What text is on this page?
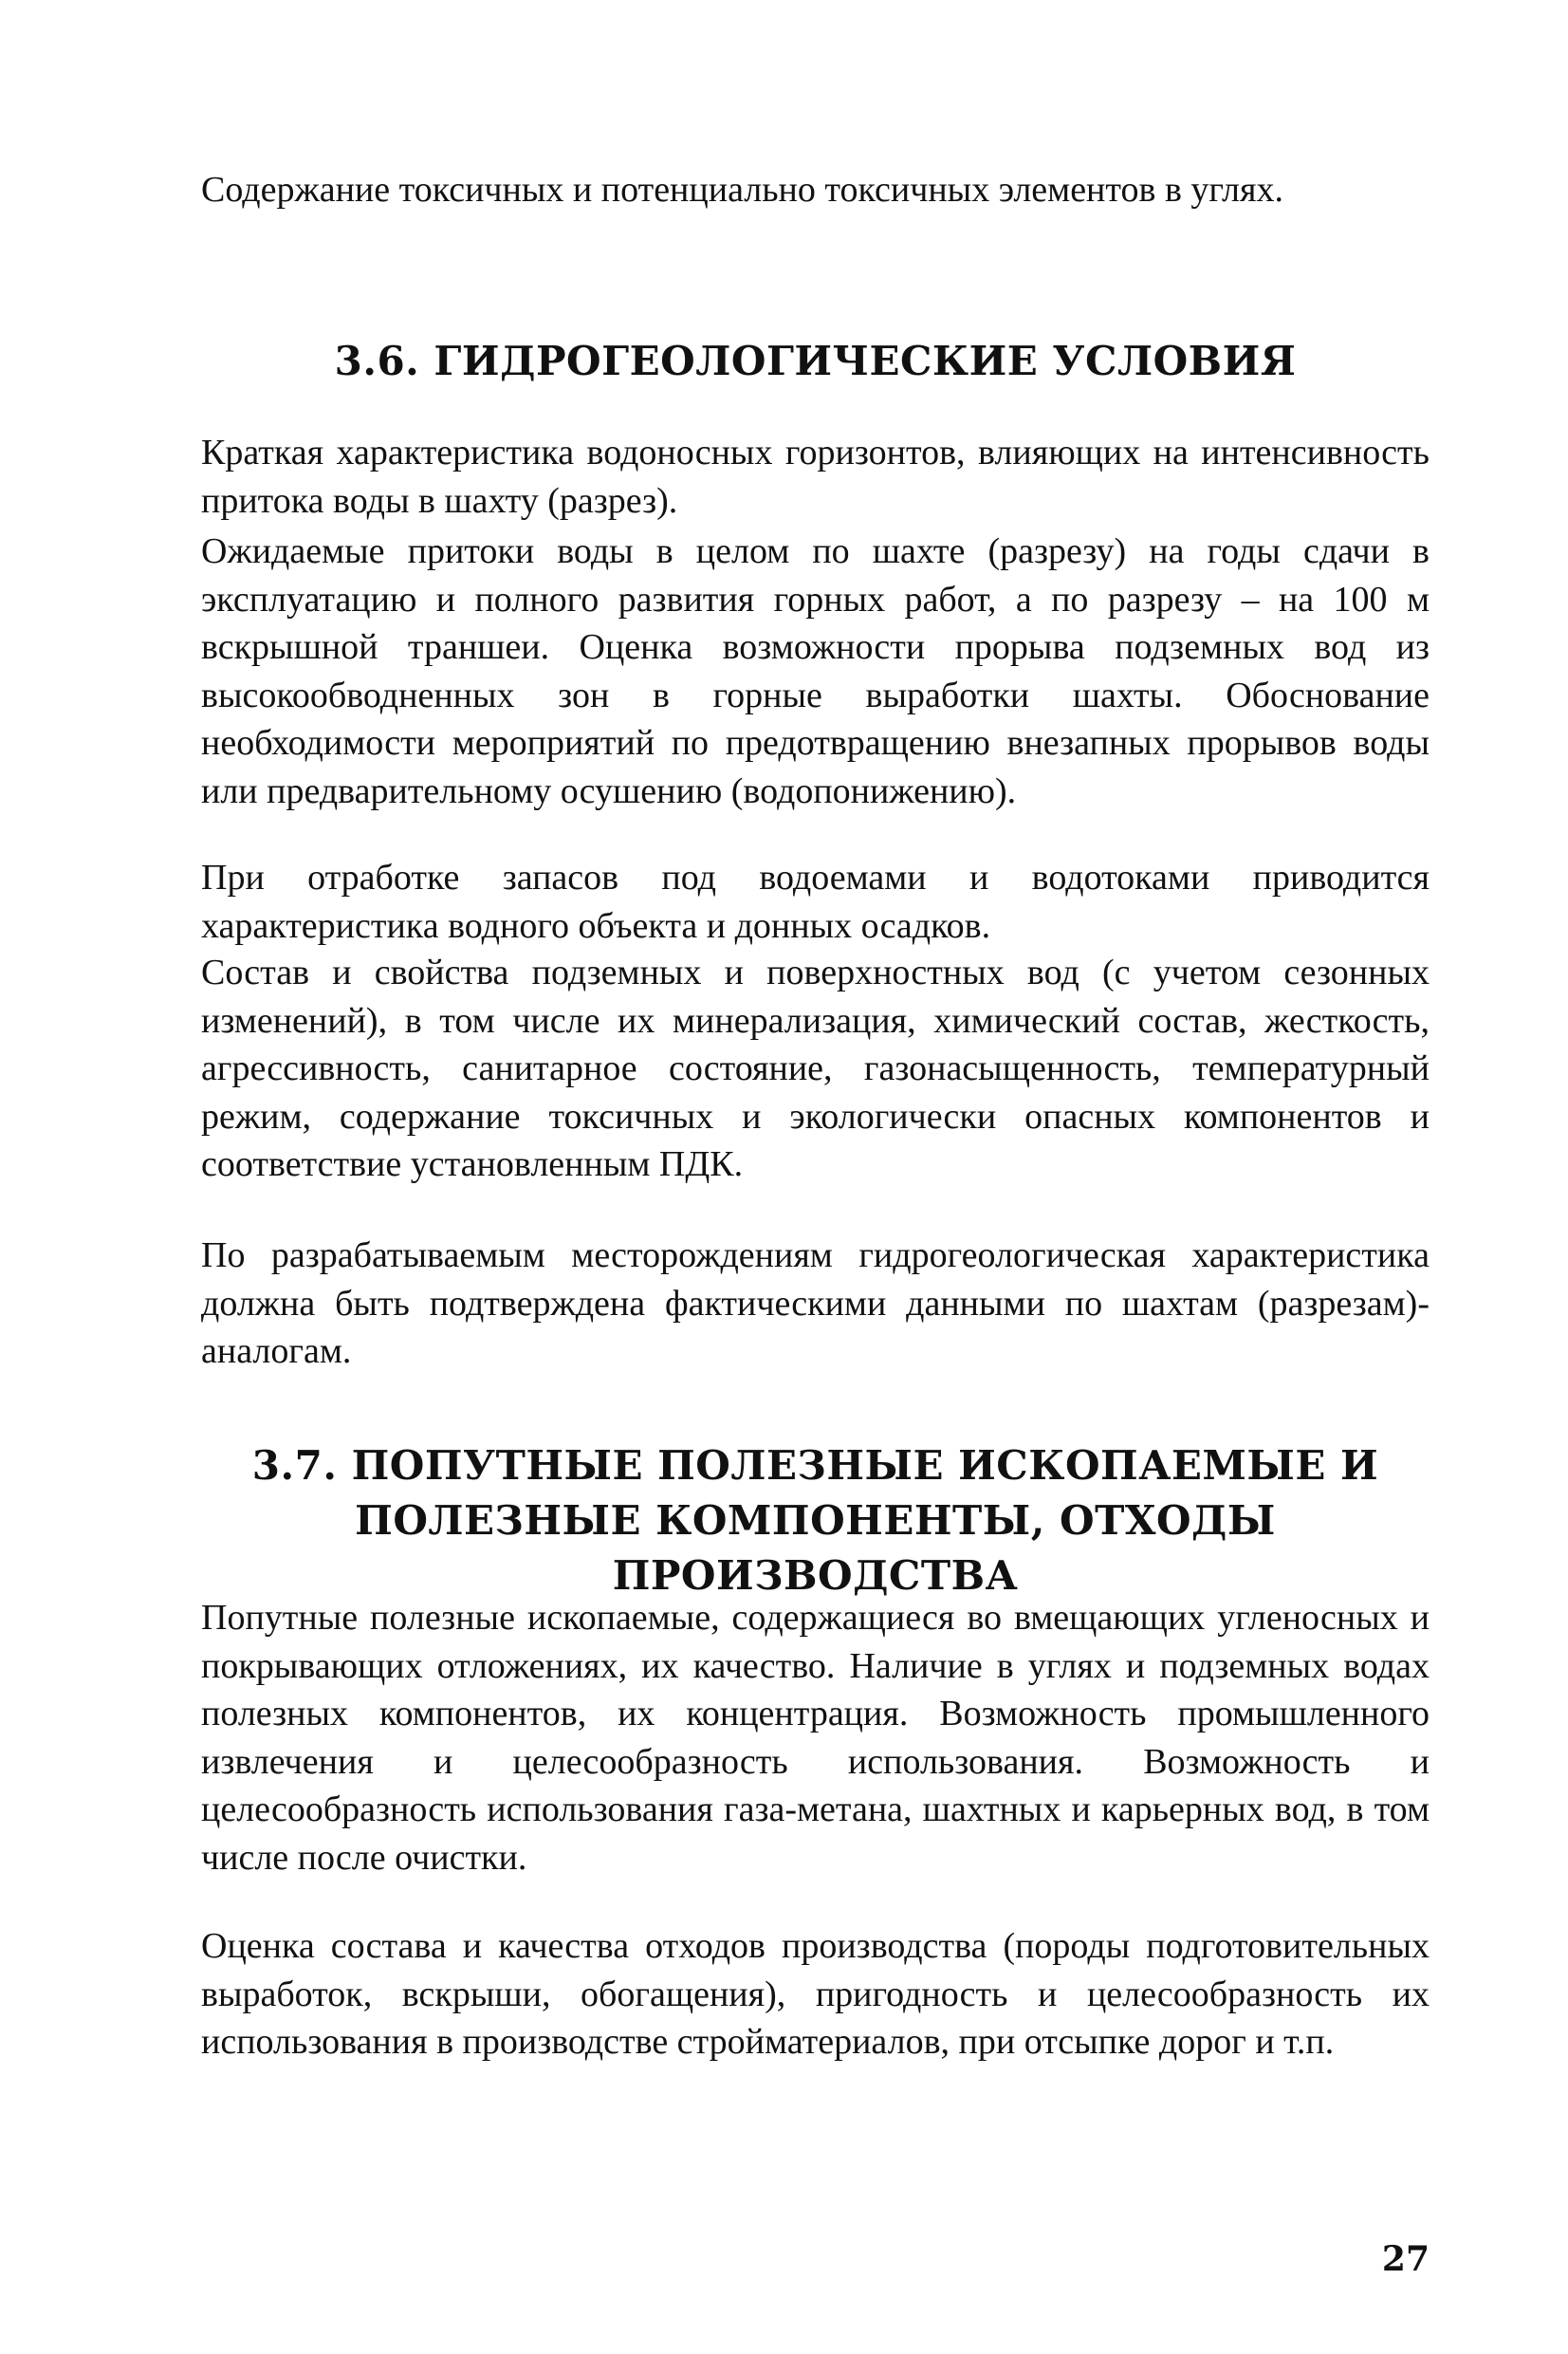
Содержание токсичных и потенциально токсичных элементов в углях.

3.6. ГИДРОГЕОЛОГИЧЕСКИЕ УСЛОВИЯ

Краткая характеристика водоносных горизонтов, влияющих на интенсивность притока воды в шахту (разрез).

Ожидаемые притоки воды в целом по шахте (разрезу) на годы сдачи в эксплуатацию и полного развития горных работ, а по разрезу – на 100 м вскрышной траншеи. Оценка возможности прорыва подземных вод из высокообводненных зон в горные выработки шахты. Обоснование необходимости мероприятий по предотвращению внезапных прорывов воды или предварительному осушению (водопонижению).

При отработке запасов под водоемами и водотоками приводится характеристика водного объекта и донных осадков.

Состав и свойства подземных и поверхностных вод (с учетом сезонных изменений), в том числе их минерализация, химический состав, жесткость, агрессивность, санитарное состояние, газонасыщенность, температурный режим, содержание токсичных и экологически опасных компонентов и соответствие установленным ПДК.

По разрабатываемым месторождениям гидрогеологическая характеристика должна быть подтверждена фактическими данными по шахтам (разрезам)-аналогам.

3.7. ПОПУТНЫЕ ПОЛЕЗНЫЕ ИСКОПАЕМЫЕ И
ПОЛЕЗНЫЕ КОМПОНЕНТЫ, ОТХОДЫ ПРОИЗВОДСТВА

Попутные полезные ископаемые, содержащиеся во вмещающих угленосных и покрывающих отложениях, их качество. Наличие в углях и подземных водах полезных компонентов, их концентрация. Возможность промышленного извлечения и целесообразность использования. Возможность и целесообразность использования газа-метана, шахтных и карьерных вод, в том числе после очистки.

Оценка состава и качества отходов производства (породы подготовительных выработок, вскрыши, обогащения), пригодность и целесообразность их использования в производстве стройматериалов, при отсыпке дорог и т.п.

27
